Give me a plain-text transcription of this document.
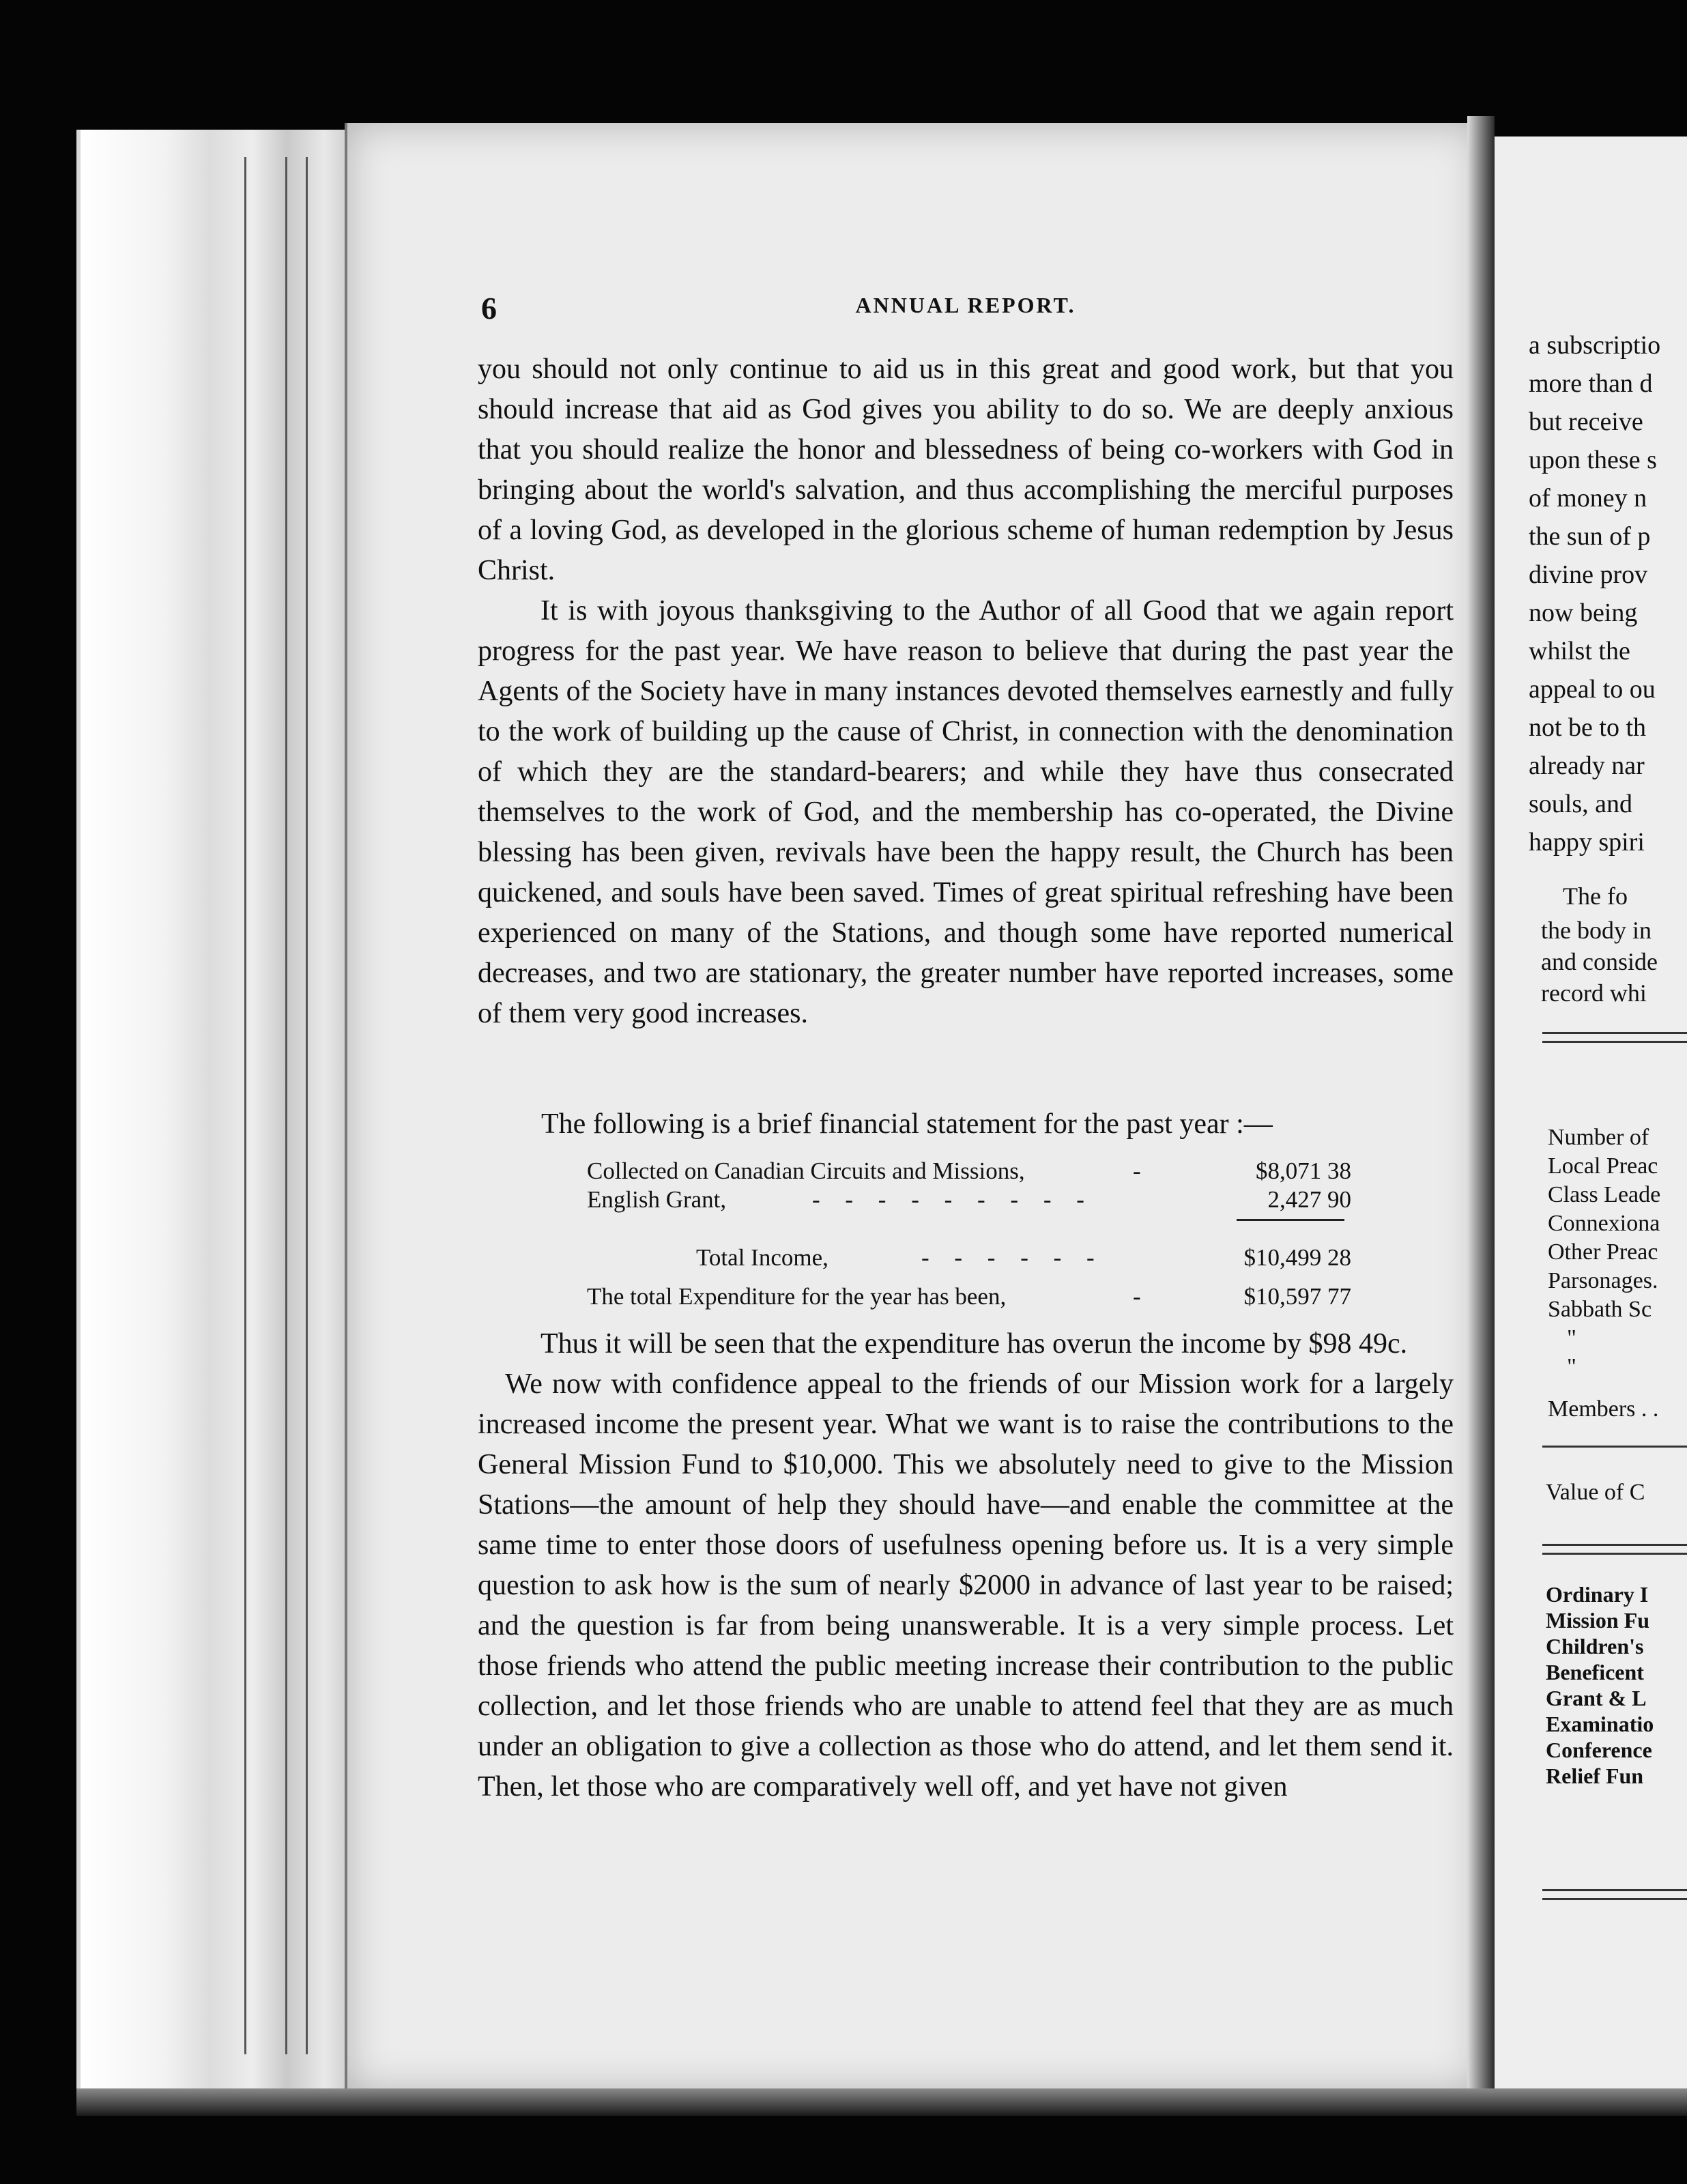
6	ANNUAL REPORT.

you should not only continue to aid us in this great and good work, but that you should increase that aid as God gives you ability to do so. We are deeply anxious that you should realize the honor and blessedness of being co-workers with God in bringing about the world's salvation, and thus accomplishing the merciful purposes of a loving God, as developed in the glorious scheme of human redemption by Jesus Christ.

It is with joyous thanksgiving to the Author of all Good that we again report progress for the past year. We have reason to believe that during the past year the Agents of the Society have in many instances devoted themselves earnestly and fully to the work of building up the cause of Christ, in connection with the denomination of which they are the standard-bearers; and while they have thus consecrated themselves to the work of God, and the membership has co-operated, the Divine blessing has been given, revivals have been the happy result, the Church has been quickened, and souls have been saved. Times of great spiritual refreshing have been experienced on many of the Stations, and though some have reported numerical decreases, and two are stationary, the greater number have reported increases, some of them very good increases.

The following is a brief financial statement for the past year :—
Collected on Canadian Circuits and Missions,	-	$8,071 38
English Grant,	- - - - - - - - -	2,427 90
Total Income,	- - - - - -	$10,499 28
The total Expenditure for the year has been,	-	$10,597 77

Thus it will be seen that the expenditure has overun the income by $98 49c.

We now with confidence appeal to the friends of our Mission work for a largely increased income the present year. What we want is to raise the contributions to the General Mission Fund to $10,000. This we absolutely need to give to the Mission Stations—the amount of help they should have—and enable the committee at the same time to enter those doors of usefulness opening before us. It is a very simple question to ask how is the sum of nearly $2000 in advance of last year to be raised; and the question is far from being unanswerable. It is a very simple process. Let those friends who attend the public meeting increase their contribution to the public collection, and let those friends who are unable to attend feel that they are as much under an obligation to give a collection as those who do attend, and let them send it. Then, let those who are comparatively well off, and yet have not given

a subscriptio
more than d
but receive
upon these s
of money n
the sun of p
divine prov
now being
whilst the
appeal to ou
not be to th
already nar
souls, and
happy spiri
The fo
the body in
and conside
record whi
Number of
Local Preac
Class Leade
Connexiona
Other Preac
Parsonages.
Sabbath Sc
"
"
Members . .
Value of C
Ordinary I
Mission Fu
Children's
Beneficent
Grant & L
Examinatio
Conference
Relief Fun
